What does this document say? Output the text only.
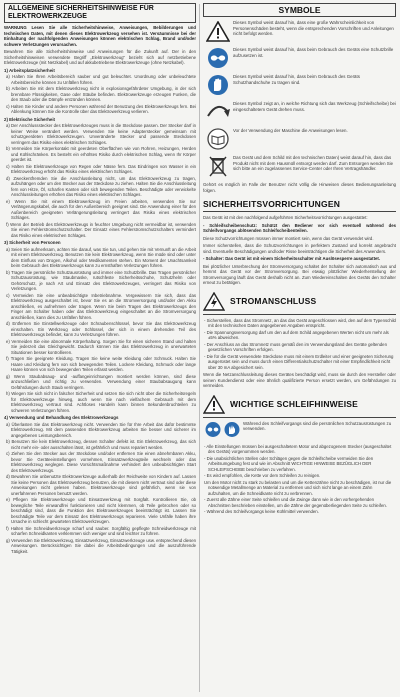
ALLGEMEINE SICHERHEITSHINWEISE FÜR ELEKTROWERKZEUGE

WARNUNG Lesen Sie alle Sicherheitshinweise, Anweisungen, Bebilderungen und technischen Daten, mit denen dieses Elektrowerkzeug versehen ist. Versäumnisse bei der Einhaltung der nachfolgenden Anweisungen können elektrischen Schlag, Brand und/oder schwere Verletzungen verursachen.

Bewahren Sie alle Sicherheitshinweise und Anweisungen für die Zukunft auf. Der in den Sicherheitshinweisen verwendete Begriff „Elektrowerkzeug“ bezieht sich auf netzbetriebene Elektrowerkzeuge (mit Netzkabel) und auf akkubetriebene Elektrowerkzeuge (ohne Netzkabel).

1) Arbeitsplatzsicherheit
a) Halten Sie Ihren Arbeitsbereich sauber und gut beleuchtet. Unordnung oder unbeleuchtete Arbeitsbereiche können zu Unfällen führen.
b) Arbeiten Sie mit dem Elektrowerkzeug nicht in explosionsgefährdeter Umgebung, in der sich brennbare Flüssigkeiten, Gase oder Stäube befinden. Elektrowerkzeuge erzeugen Funken, die den Staub oder die Dämpfe entzünden können.
c) Halten Sie Kinder und andere Personen während der Benutzung des Elektrowerkzeugs fern. Bei Ablenkung können Sie die Kontrolle über das Elektrowerkzeug verlieren.
2) Elektrische Sicherheit
a) Der Anschlussstecker des Elektrowerkzeuges muss in die Steckdose passen. Der Stecker darf in keiner Weise verändert werden. Verwenden Sie keine Adapterstecker gemeinsam mit schutzgeerdeten Elektrowerkzeugen. Unveränderte Stecker und passende Steckdosen verringern das Risiko eines elektrischen Schlages.
b) Vermeiden Sie Körperkontakt mit geerdeten Oberflächen wie von Rohren, Heizungen, Herden und Kühlschränken. Es besteht ein erhöhtes Risiko durch elektrischen Schlag, wenn Ihr Körper geerdet ist.
c) Halten Sie Elektrowerkzeuge von Regen oder Nässe fern. Das Eindringen von Wasser in ein Elektrowerkzeug erhöht das Risiko eines elektrischen Schlages.
d) Zweckentfremden Sie die Anschlussleitung nicht, um das Elektrowerkzeug zu tragen, aufzuhängen oder um den Stecker aus der Steckdose zu ziehen. Halten Sie die Anschlussleitung fern von Hitze, Öl, scharfen Kanten oder sich bewegenden Teilen. Beschädigte oder verwickelte Anschlussleitungen erhöhen das Risiko eines elektrischen Schlages.
e) Wenn Sie mit einem Elektrowerkzeug im Freien arbeiten, verwenden Sie nur Verlängerungskabel, die auch für den Außenbereich geeignet sind. Die Anwendung einer für den Außenbereich geeigneten Verlängerungsleitung verringert das Risiko eines elektrischen Schlages.
f) Wenn der Betrieb des Elektrowerkzeugs in feuchter Umgebung nicht vermeidbar ist, verwenden Sie einen Fehlerstromschutzschalter. Der Einsatz eines Fehlerstromschutzschalters vermindert das Risiko eines elektrischen Schlages.
3) Sicherheit von Personen
a) Seien Sie aufmerksam, achten Sie darauf, was Sie tun, und gehen Sie mit Vernunft an die Arbeit mit einem Elektrowerkzeug. Benutzen Sie kein Elektrowerkzeug, wenn Sie müde sind oder unter dem Einfluss von Drogen, Alkohol oder Medikamenten stehen. Ein Moment der Unachtsamkeit beim Gebrauch des Elektrowerkzeugs kann zu ernsthaften Verletzungen führen.
b) Tragen Sie persönliche Schutzausrüstung und immer eine Schutzbrille. Das Tragen persönlicher Schutzausrüstung, wie Staubmaske, rutschfeste Sicherheitsschuhe, Schutzhelm oder Gehörschutz, je nach Art und Einsatz des Elektrowerkzeuges, verringert das Risiko von Verletzungen.
c) Vermeiden Sie eine unbeabsichtigte Inbetriebnahme. Vergewissern Sie sich, dass das Elektrowerkzeug ausgeschaltet ist, bevor Sie es an die Stromversorgung und/oder den Akku anschließen, es aufnehmen oder tragen. Wenn Sie beim Tragen des Elektrowerkzeugs den Finger am Schalter haben oder das Elektrowerkzeug eingeschaltet an die Stromversorgung anschließen, kann dies zu Unfällen führen.
d) Entfernen Sie Einstellwerkzeuge oder Schraubenschlüssel, bevor Sie das Elektrowerkzeug einschalten. Ein Werkzeug oder Schlüssel, der sich in einem drehenden Teil des Elektrowerkzeugs befindet, kann zu Verletzungen führen.
e) Vermeiden Sie eine abnormale Körperhaltung. Sorgen Sie für einen sicheren Stand und halten Sie jederzeit das Gleichgewicht. Dadurch können Sie das Elektrowerkzeug in unerwarteten Situationen besser kontrollieren.
f) Tragen Sie geeignete Kleidung. Tragen Sie keine weite Kleidung oder Schmuck. Halten Sie Haare und Kleidung fern von sich bewegenden Teilen. Lockere Kleidung, Schmuck oder lange Haare können von sich bewegenden Teilen erfasst werden.
g) Wenn Staubabsaug- und -auffangeinrichtungen montiert werden können, sind diese anzuschließen und richtig zu verwenden. Verwendung einer Staubabsaugung kann Gefährdungen durch Staub verringern.
h) Wiegen Sie sich nicht in falscher Sicherheit und setzen Sie sich nicht über die Sicherheitsregeln für Elektrowerkzeuge hinweg, auch wenn Sie nach vielfachem Gebrauch mit dem Elektrowerkzeug vertraut sind. Achtloses Handeln kann binnen Sekundenbruchteilen zu schweren Verletzungen führen.
4) Verwendung und Behandlung des Elektrowerkzeugs
a) Überlasten Sie das Elektrowerkzeug nicht. Verwenden Sie für Ihre Arbeit das dafür bestimmte Elektrowerkzeug. Mit dem passenden Elektrowerkzeug arbeiten Sie besser und sicherer im angegebenen Leistungsbereich.
b) Benutzen Sie kein Elektrowerkzeug, dessen Schalter defekt ist. Ein Elektrowerkzeug, das sich nicht mehr ein- oder ausschalten lässt, ist gefährlich und muss repariert werden.
c) Ziehen Sie den Stecker aus der Steckdose und/oder entfernen Sie einen abnehmbaren Akku, bevor Sie Geräteeinstellungen vornehmen, Einsatzwerkzeugteile wechseln oder das Elektrowerkzeug weglegen. Diese Vorsichtsmaßnahme verhindert den unbeabsichtigten Start des Elektrowerkzeugs.
d) Bewahren Sie unbenutzte Elektrowerkzeuge außerhalb der Reichweite von Kindern auf. Lassen Sie keine Personen das Elektrowerkzeug benutzen, die mit diesem nicht vertraut sind oder diese Anweisungen nicht gelesen haben. Elektrowerkzeuge sind gefährlich, wenn sie von unerfahrenen Personen benutzt werden.
e) Pflegen Sie Elektrowerkzeuge und Einsatzwerkzeug mit Sorgfalt. Kontrollieren Sie, ob bewegliche Teile einwandfrei funktionieren und nicht klemmen, ob Teile gebrochen oder so beschädigt sind, dass die Funktion des Elektrowerkzeuges beeinträchtigt ist. Lassen Sie beschädigte Teile vor dem Einsatz des Elektrowerkzeugs reparieren. Viele Unfälle haben ihre Ursache in schlecht gewarteten Elektrowerkzeugen.
f) Halten Sie Schneidwerkzeuge scharf und sauber. Sorgfältig gepflegte Schneidwerkzeuge mit scharfen Schneidkanten verklemmen sich weniger und sind leichter zu führen.
g) Verwenden Sie Elektrowerkzeug, Einsatzwerkzeug, Einsatzwerkzeuge usw. entsprechend diesen Anweisungen. Berücksichtigen Sie dabei die Arbeitsbedingungen und die auszuführende Tätigkeit.
SYMBOLE
Dieses Symbol weist darauf hin, dass eine große Wahrscheinlichkeit von Personenschäden besteht, wenn die entsprechenden Vorschriften und Anleitungen nicht befolgt werden.
Dieses Symbol weist darauf hin, dass beim Gebrauch des Geräts eine Schutzbrille aufzusetzen ist.
Dieses Symbol weist darauf hin, dass beim Gebrauch des Geräts Schutzhandschuhe zu tragen sind.
Dieses Symbol zeigt an, in welche Richtung sich das Werkzeug (Schleifscheibe) bei eingeschaltetem Gerät drehen muss.
Vor der Verwendung der Maschine die Anweisungen lesen.
Das Gerät und dem Schild mit den technischen Daten) weist darauf hin, dass das Produkt nicht mit dem Hausmüll entsorgt werden darf. Zum Entsorgen wenden Sie sich bitte an ein zugelassenes Service-Center oder Ihren Vertragshändler.

Gehört es möglich im Falle der Benutzer nicht völlig die Hinweisen dieses Bedienungsanleitung folgen.

SICHERHEITSVORRICHTUNGEN

Das Gerät ist mit den nachfolgend aufgeführten Sicherheitsvorrichtungen ausgestattet:

- Schleifscheibenschutz: Schützt den Bediener vor sich eventuell während des Schleifvorgangs ablösenden Schleifscheibenteilen.

Diese Schutzvorrichtungen müssen immer montiert sein, wenn das Gerät verwendet wird.

Immer sicherstellen, dass die Schutzvorrichtungen in perfektem Zustand und korrekt angebracht sind. Eventuelle Beschädigungen und/oder Risse beeinträchtigen die Sicherheit des Anwenders.

- Schalter: Das Gerät ist mit einem Sicherheitsschalter mit Auslösesperre ausgestattet.

Bei plötzlicher Unterbrechung der Stromversorgung schaltet der Schalter sich automatisch aus und hemmt das Gerät vor der Stromversorgung. Bei etwaig plötzlicher Wiederherstellung der Stromversorgung läuft das Gerät deshalb nicht an. Zum Wiedereinschalten des Geräts den Schalter erneut zu betätigen.

STROMANSCHLUSS
- Sicherstellen, dass das Stromnetz, an das das Gerät angeschlossen wird, den auf dem Typenschild mit den technischen Daten angegebenen Angaben entspricht.
- Die Spannungsversorgung darf um den auf dem Schild angegebenen Werten nicht um mehr als ±5% abweichen.
- Der Anschluss an das Stromnetz muss gemäß den im Verwendungsland des Geräte geltenden gesetzlichen Vorschriften erfolgen.
- Die für die Gerät verwendete Steckdose muss mit einem Erdleiter und einer geeigneten Sicherung ausgerüstet sein und muss durch einen Differentialschutzschalter mit einer Empfindlichkeit nicht über 30 mA abgesichert sein.

Wenn die Netzanschlussleitung dieses Gerätes beschädigt wird, muss sie durch den Hersteller oder seinen Kundendienst oder eine ähnlich qualifizierte Person ersetzt werden, um Gefährdungen zu vermeiden.

WICHTIGE SCHLEIFHINWEISE
Während des Schleifvorgangs sind die persönlichen Schutzausrüstungen zu verwenden.
- Alle Einstellungen müssen bei ausgeschaltetem Motor und abgezogenem Stecker (ausgeschaltet des Geräts) vorgenommen werden.
- Die unabsichtlichen Stellen oder Schlägen gegen die Schleifscheibe vermeiden Sie den Arbeitsumgebung fest und wie im Abschnitt WICHTIGE HINWEISE BEZÜGLICH DER SCHLEIFSCHEIBE beschrieben zu verfahren.
- Es wird empfohlen, die Kette vor dem Schleifen zu reinigen.
Um den Motor nicht zu stark zu belasten und um die Kettenzähne nicht zu beschädigen, ist nur die notwendige Metallmenge an Material zu entfernen und sich nicht lange an einem Zahn aufzuhalten, um die Schneidkante nicht zu verbrennen.
- Zuerst alle Zähne einer Seite schleifen und die Zwinge dann wie in den vorhergehenden Abschnitten beschrieben einstellen, um die Zähne der gegenüberliegenden Seite zu schleifen.
- Während des Schleifvorgangs keine Kühlmittel verwenden.
